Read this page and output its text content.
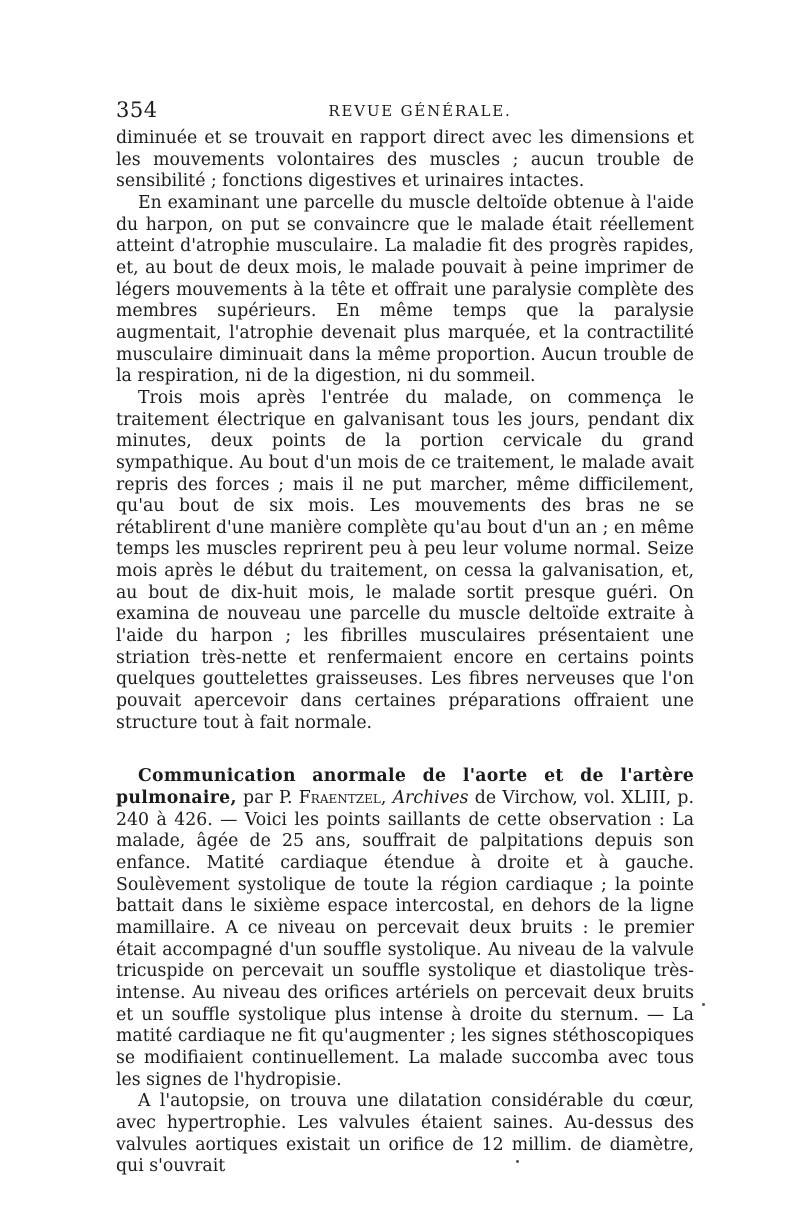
354	REVUE GÉNÉRALE.

diminuée et se trouvait en rapport direct avec les dimensions et les mouvements volontaires des muscles ; aucun trouble de sensibilité ; fonctions digestives et urinaires intactes.

En examinant une parcelle du muscle deltoïde obtenue à l'aide du harpon, on put se convaincre que le malade était réellement atteint d'atrophie musculaire. La maladie fit des progrès rapides, et, au bout de deux mois, le malade pouvait à peine imprimer de légers mouvements à la tête et offrait une paralysie complète des membres supérieurs. En même temps que la paralysie augmentait, l'atrophie devenait plus marquée, et la contractilité musculaire diminuait dans la même proportion. Aucun trouble de la respiration, ni de la digestion, ni du sommeil.

Trois mois après l'entrée du malade, on commença le traitement électrique en galvanisant tous les jours, pendant dix minutes, deux points de la portion cervicale du grand sympathique. Au bout d'un mois de ce traitement, le malade avait repris des forces ; mais il ne put marcher, même difficilement, qu'au bout de six mois. Les mouvements des bras ne se rétablirent d'une manière complète qu'au bout d'un an ; en même temps les muscles reprirent peu à peu leur volume normal. Seize mois après le début du traitement, on cessa la galvanisation, et, au bout de dix-huit mois, le malade sortit presque guéri. On examina de nouveau une parcelle du muscle deltoïde extraite à l'aide du harpon ; les fibrilles musculaires présentaient une striation très-nette et renfermaient encore en certains points quelques gouttelettes graisseuses. Les fibres nerveuses que l'on pouvait apercevoir dans certaines préparations offraient une structure tout à fait normale.

Communication anormale de l'aorte et de l'artère pulmonaire, par P. Fraentzel, Archives de Virchow, vol. XLIII, p. 240 à 426. — Voici les points saillants de cette observation : La malade, âgée de 25 ans, souffrait de palpitations depuis son enfance. Matité cardiaque étendue à droite et à gauche. Soulèvement systolique de toute la région cardiaque ; la pointe battait dans le sixième espace intercostal, en dehors de la ligne mamillaire. A ce niveau on percevait deux bruits : le premier était accompagné d'un souffle systolique. Au niveau de la valvule tricuspide on percevait un souffle systolique et diastolique très-intense. Au niveau des orifices artériels on percevait deux bruits et un souffle systolique plus intense à droite du sternum. — La matité cardiaque ne fit qu'augmenter ; les signes stéthoscopiques se modifiaient continuellement. La malade succomba avec tous les signes de l'hydropisie.

A l'autopsie, on trouva une dilatation considérable du cœur, avec hypertrophie. Les valvules étaient saines. Au-dessus des valvules aortiques existait un orifice de 12 millim. de diamètre, qui s'ouvrait
